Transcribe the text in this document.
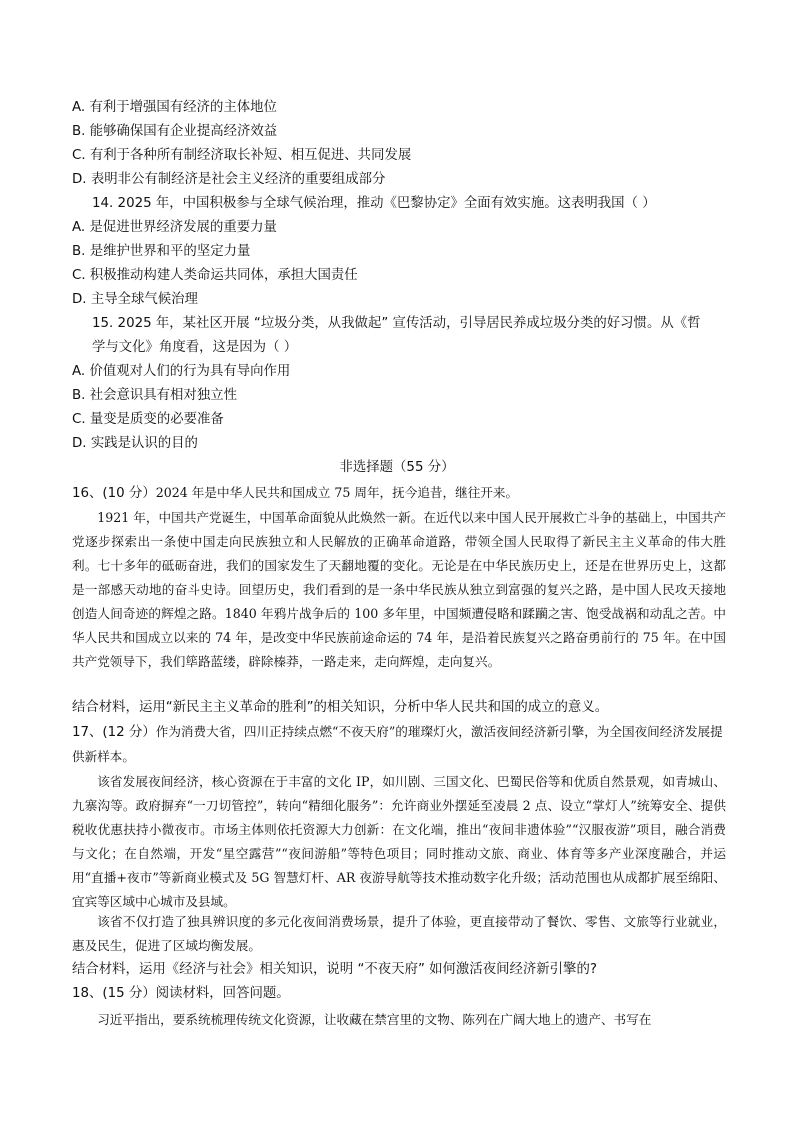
A. 有利于增强国有经济的主体地位
B. 能够确保国有企业提高经济效益
C. 有利于各种所有制经济取长补短、相互促进、共同发展
D. 表明非公有制经济是社会主义经济的重要组成部分
14. 2025 年，中国积极参与全球气候治理，推动《巴黎协定》全面有效实施。这表明我国（ ）
A. 是促进世界经济发展的重要力量
B. 是维护世界和平的坚定力量
C. 积极推动构建人类命运共同体，承担大国责任
D. 主导全球气候治理
15. 2025 年，某社区开展 “垃圾分类，从我做起” 宣传活动，引导居民养成垃圾分类的好习惯。从《哲
学与文化》角度看，这是因为（ ）
A. 价值观对人们的行为具有导向作用
B. 社会意识具有相对独立性
C. 量变是质变的必要准备
D. 实践是认识的目的
非选择题（55 分）

16、(10 分）2024 年是中华人民共和国成立 75 周年，抚今追昔，继往开来。

1921 年，中国共产党诞生，中国革命面貌从此焕然一新。在近代以来中国人民开展救亡斗争的基础上，中国共产党逐步探索出一条使中国走向民族独立和人民解放的正确革命道路，带领全国人民取得了新民主主义革命的伟大胜利。七十多年的砥砺奋进，我们的国家发生了天翻地覆的变化。无论是在中华民族历史上，还是在世界历史上，这都是一部感天动地的奋斗史诗。回望历史，我们看到的是一条中华民族从独立到富强的复兴之路，是中国人民攻天接地创造人间奇迹的辉煌之路。1840 年鸦片战争后的 100 多年里，中国频遭侵略和蹂躏之害、饱受战祸和动乱之苦。中华人民共和国成立以来的 74 年，是改变中华民族前途命运的 74 年，是沿着民族复兴之路奋勇前行的 75 年。在中国共产党领导下，我们筚路蓝缕，辟除榛莽，一路走来，走向辉煌，走向复兴。

结合材料，运用“新民主主义革命的胜利”的相关知识，分析中华人民共和国的成立的意义。

17、(12 分）作为消费大省，四川正持续点燃“不夜天府”的璀璨灯火，激活夜间经济新引擎，为全国夜间经济发展提供新样本。

该省发展夜间经济，核心资源在于丰富的文化 IP，如川剧、三国文化、巴蜀民俗等和优质自然景观，如青城山、九寨沟等。政府摒弃“一刀切管控”，转向“精细化服务”：允许商业外摆延至凌晨 2 点、设立“掌灯人”统筹安全、提供税收优惠扶持小微夜市。市场主体则依托资源大力创新：在文化端，推出“夜间非遗体验”“汉服夜游”项目，融合消费与文化；在自然端，开发“星空露营”“夜间游船”等特色项目；同时推动文旅、商业、体育等多产业深度融合，并运用“直播+夜市”等新商业模式及 5G 智慧灯杆、AR 夜游导航等技术推动数字化升级；活动范围也从成都扩展至绵阳、宜宾等区域中心城市及县域。

该省不仅打造了独具辨识度的多元化夜间消费场景，提升了体验，更直接带动了餐饮、零售、文旅等行业就业，惠及民生，促进了区域均衡发展。

结合材料，运用《经济与社会》相关知识，说明 “不夜天府” 如何激活夜间经济新引擎的?
18、(15 分）阅读材料，回答问题。

习近平指出，要系统梳理传统文化资源，让收藏在禁宫里的文物、陈列在广阔大地上的遗产、书写在
